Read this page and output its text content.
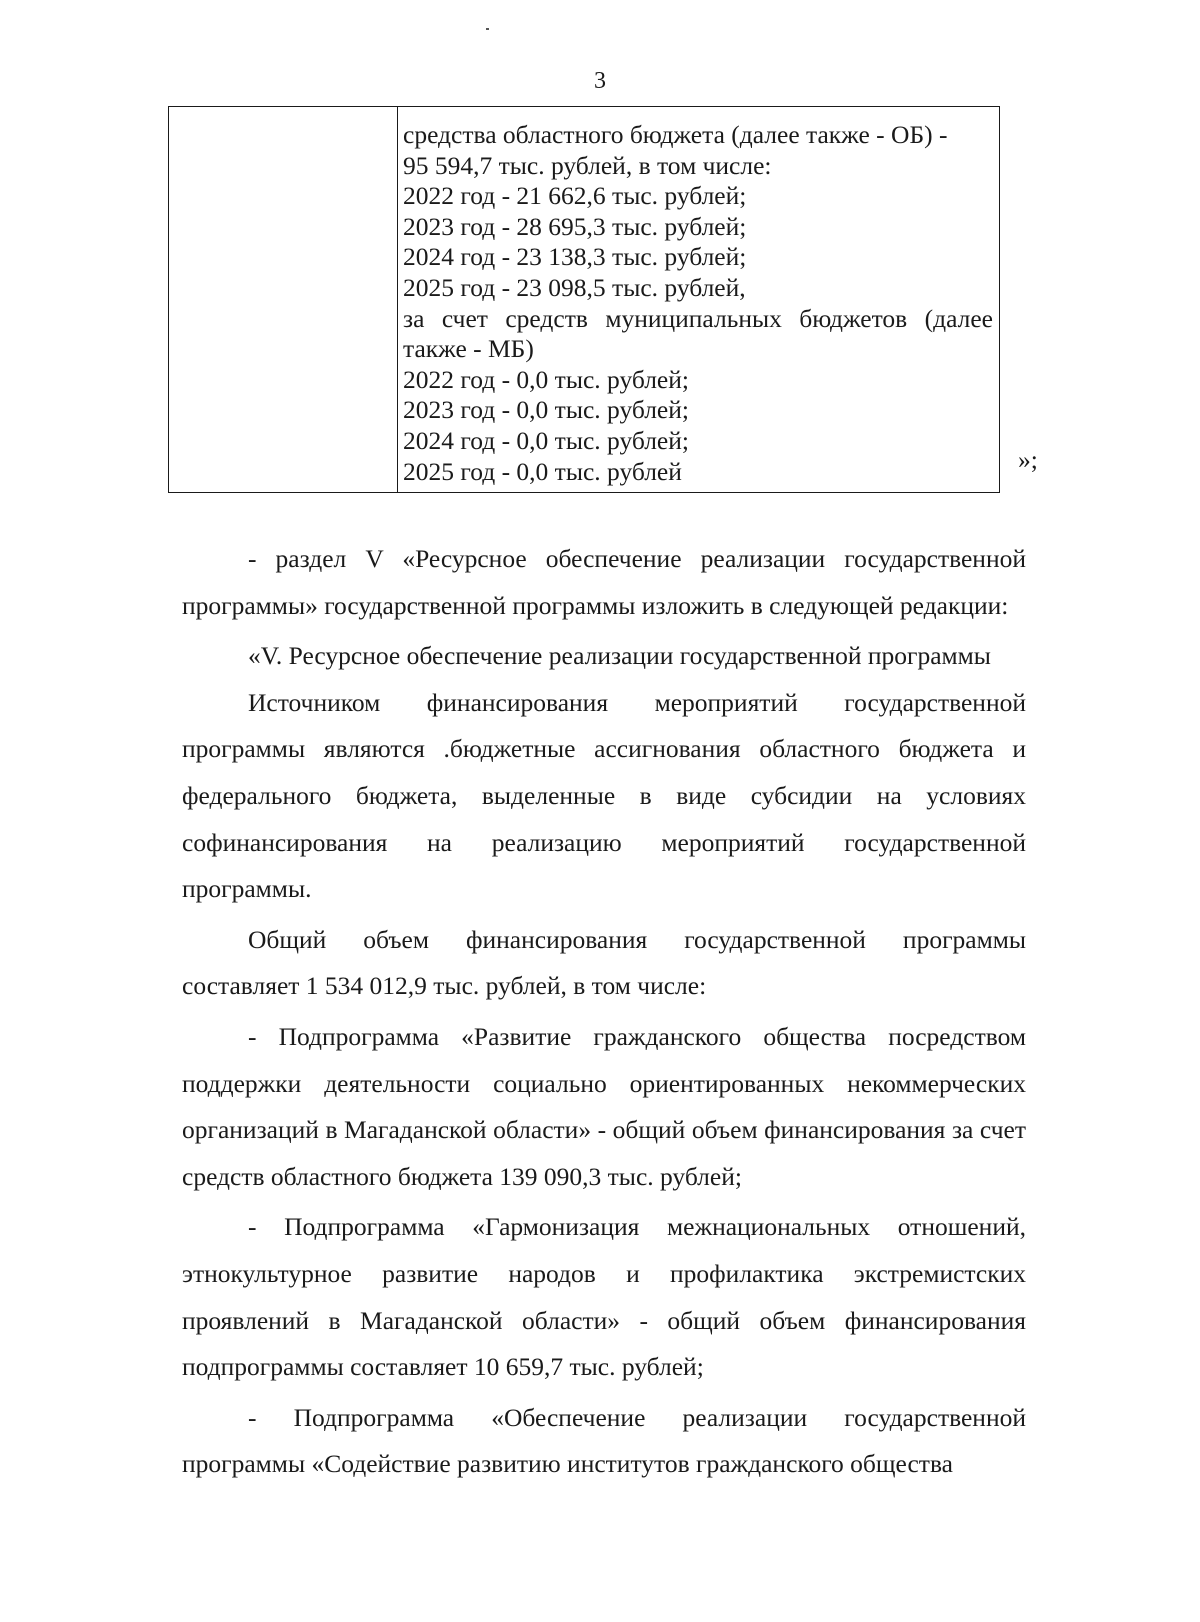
3
средства областного бюджета (далее также - ОБ) -
95 594,7 тыс. рублей, в том числе:
2022 год - 21 662,6 тыс. рублей;
2023 год - 28 695,3 тыс. рублей;
2024 год - 23 138,3 тыс. рублей;
2025 год - 23 098,5 тыс. рублей,
за счет средств муниципальных бюджетов (далее
также - МБ)
2022 год - 0,0 тыс. рублей;
2023 год - 0,0 тыс. рублей;
2024 год - 0,0 тыс. рублей;
2025 год - 0,0 тыс. рублей	»;

- раздел V «Ресурсное обеспечение реализации государственной программы» государственной программы изложить в следующей редакции:

«V. Ресурсное обеспечение реализации государственной программы

Источником финансирования мероприятий государственной программы являются .бюджетные ассигнования областного бюджета и федерального бюджета, выделенные в виде субсидии на условиях софинансирования на реализацию мероприятий государственной программы.

Общий объем финансирования государственной программы составляет 1 534 012,9 тыс. рублей, в том числе:

- Подпрограмма «Развитие гражданского общества посредством поддержки деятельности социально ориентированных некоммерческих организаций в Магаданской области» - общий объем финансирования за счет средств областного бюджета 139 090,3 тыс. рублей;

- Подпрограмма «Гармонизация межнациональных отношений, этнокультурное развитие народов и профилактика экстремистских проявлений в Магаданской области» - общий объем финансирования подпрограммы составляет 10 659,7 тыс. рублей;

- Подпрограмма «Обеспечение реализации государственной программы «Содействие развитию институтов гражданского общества
